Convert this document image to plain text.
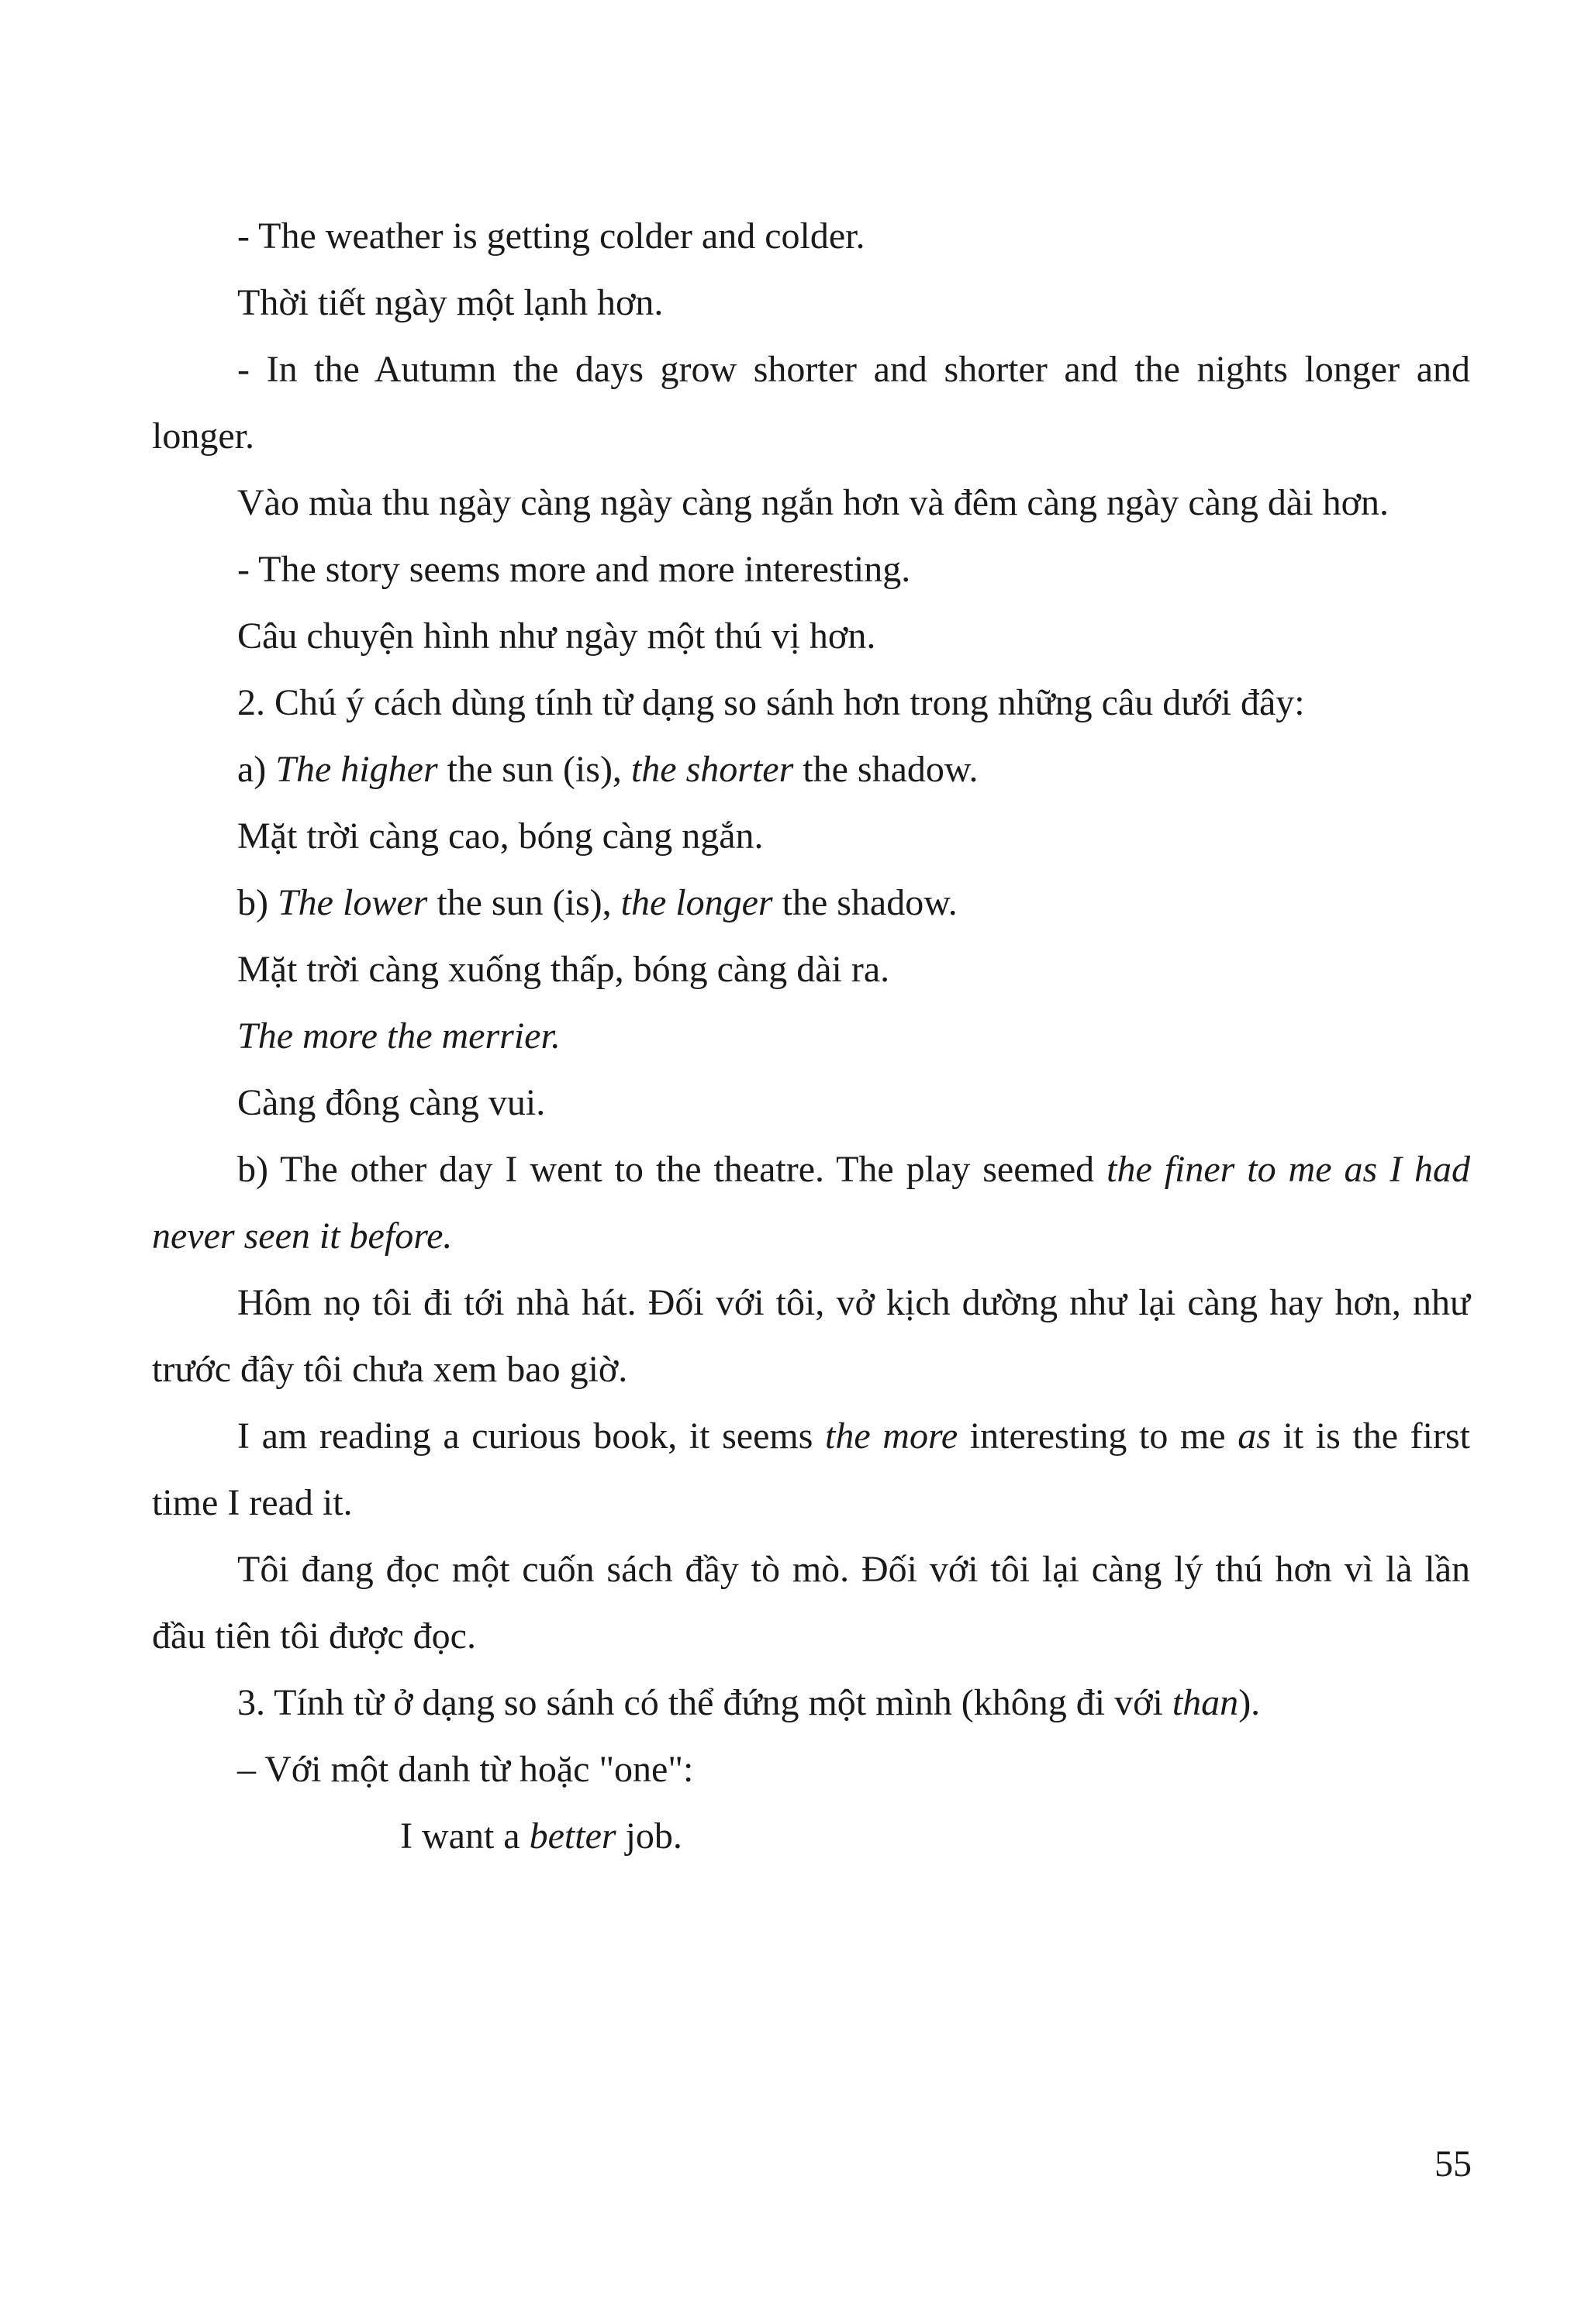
- The weather is getting colder and colder.

Thời tiết ngày một lạnh hơn.

- In the Autumn the days grow shorter and shorter and the nights longer and longer.

Vào mùa thu ngày càng ngày càng ngắn hơn và đêm càng ngày càng dài hơn.

- The story seems more and more interesting.

Câu chuyện hình như ngày một thú vị hơn.

2. Chú ý cách dùng tính từ dạng so sánh hơn trong những câu dưới đây:

a) The higher the sun (is), the shorter the shadow.

Mặt trời càng cao, bóng càng ngắn.

b) The lower the sun (is), the longer the shadow.

Mặt trời càng xuống thấp, bóng càng dài ra.

The more the merrier.

Càng đông càng vui.

b) The other day I went to the theatre. The play seemed the finer to me as I had never seen it before.

Hôm nọ tôi đi tới nhà hát. Đối với tôi, vở kịch dường như lại càng hay hơn, như trước đây tôi chưa xem bao giờ.

I am reading a curious book, it seems the more interesting to me as it is the first time I read it.

Tôi đang đọc một cuốn sách đầy tò mò. Đối với tôi lại càng lý thú hơn vì là lần đầu tiên tôi được đọc.

3. Tính từ ở dạng so sánh có thể đứng một mình (không đi với than).

– Với một danh từ hoặc "one":

I want a better job.

55
